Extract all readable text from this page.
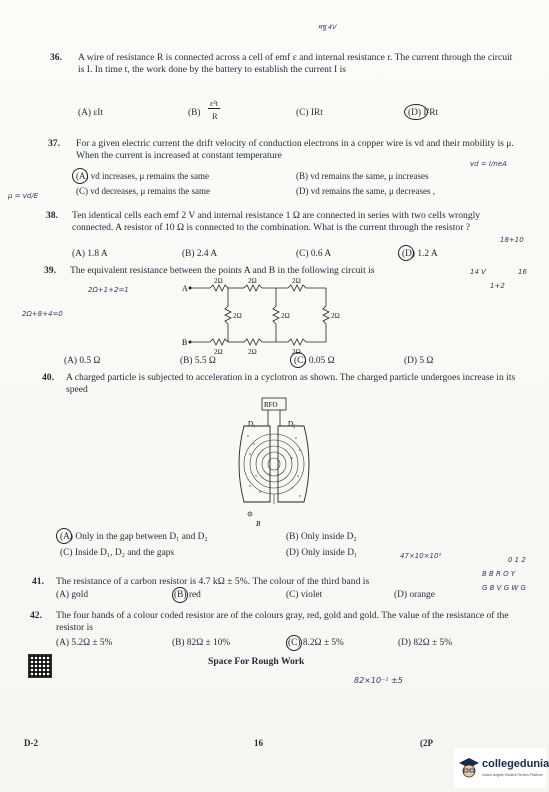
मधु 4V
36. A wire of resistance R is connected across a cell of emf ε and internal resistance r. The current through the circuit is I. In time t, the work done by the battery to establish the current I is
(A) εIt	(B)
ε²t
R	(C) IRt	(D) I²Rt
37. For a given electric current the drift velocity of conduction electrons in a copper wire is vd and their mobility is μ. When the current is increased at constant temperature
(A) vd increases, μ remains the same	(B) vd remains the same, μ increases
(C) vd decreases, μ remains the same	(D) vd remains the same, μ decreases ,
vd = I/neA
μ = vd/E
38. Ten identical cells each emf 2 V and internal resistance 1 Ω are connected in series with two cells wrongly connected. A resistor of 10 Ω is connected to the combination. What is the current through the resistor ?
(A) 1.8 A	(B) 2.4 A	(C) 0.6 A	(D) 1.2 A
18+10
39. The equivalent resistance between the points A and B in the following circuit is	14 V	16
1+2
2Ω+1+2=1
2Ω+8+4=0
A
B
2Ω	2Ω	2Ω
2Ω	2Ω	2Ω
2Ω	2Ω	2Ω
(A) 0.5 Ω	(B) 5.5 Ω	(C) 0.05 Ω	(D) 5 Ω
40. A charged particle is subjected to acceleration in a cyclotron as shown. The charged particle undergoes increase in its speed
RFO
D₁	D₂
B
(A) Only in the gap between D₁ and D₂	(B) Only inside D₂
(C) Inside D₁, D₂ and the gaps	(D) Only inside D₁	47×10×10²	0 1 2
B B R O Y
G B V G W G
41. The resistance of a carbon resistor is 4.7 kΩ ± 5%. The colour of the third band is
(A) gold	(B) red	(C) violet	(D) orange
42. The four bands of a colour coded resistor are of the colours gray, red, gold and gold. The value of the resistance of the resistor is
(A) 5.2Ω ± 5%	(B) 82Ω ± 10%	(C) 8.2Ω ± 5%	(D) 82Ω ± 5%
Space For Rough Work
82×10⁻¹ ±5
D-2	16	(2P
collegedunia
India's largest Student Review Platform
